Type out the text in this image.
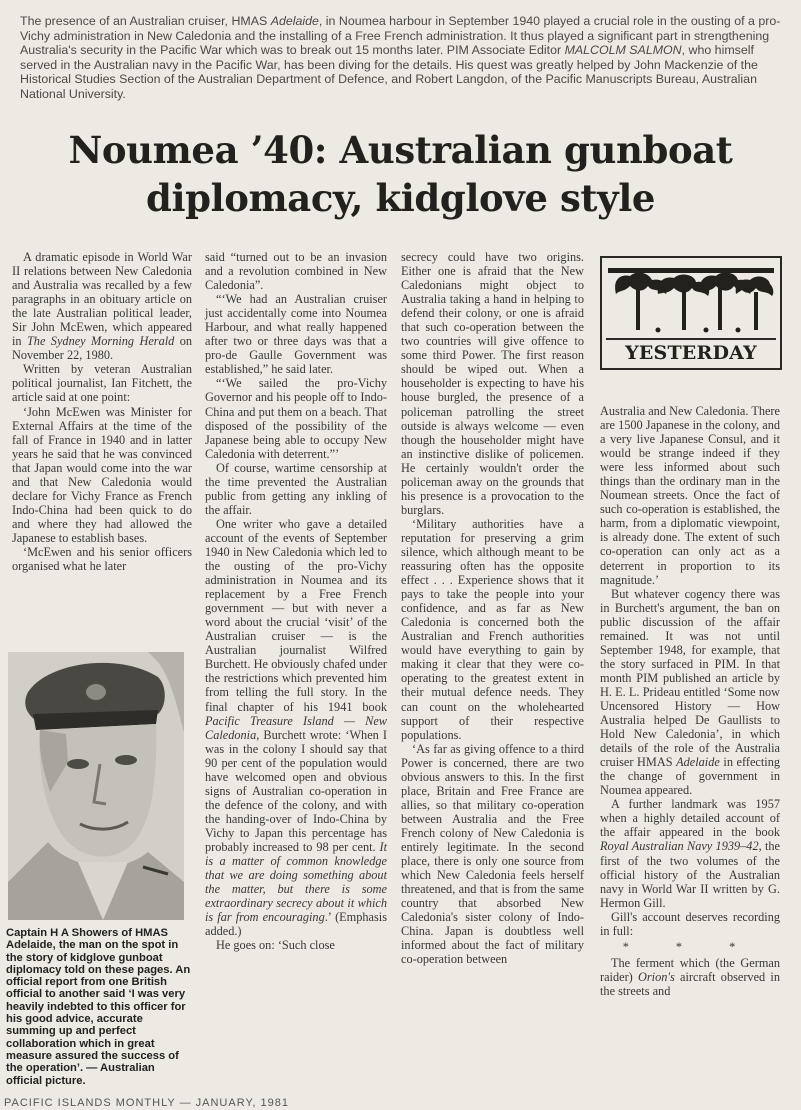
The presence of an Australian cruiser, HMAS Adelaide, in Noumea harbour in September 1940 played a crucial role in the ousting of a pro-Vichy administration in New Caledonia and the installing of a Free French administration. It thus played a significant part in strengthening Australia's security in the Pacific War which was to break out 15 months later. PIM Associate Editor MALCOLM SALMON, who himself served in the Australian navy in the Pacific War, has been diving for the details. His quest was greatly helped by John Mackenzie of the Historical Studies Section of the Australian Department of Defence, and Robert Langdon, of the Pacific Manuscripts Bureau, Australian National University.

Noumea ’40: Australian gunboat
diplomacy, kidglove style

A dramatic episode in World War II relations between New Caledonia and Australia was recalled by a few paragraphs in an obituary article on the late Australian political leader, Sir John McEwen, which appeared in The Sydney Morning Herald on November 22, 1980.

Written by veteran Australian political journalist, Ian Fitchett, the article said at one point:

‘John McEwen was Minister for External Affairs at the time of the fall of France in 1940 and in latter years he said that he was convinced that Japan would come into the war and that New Caledonia would declare for Vichy France as French Indo-China had been quick to do and where they had allowed the Japanese to establish bases.

‘McEwen and his senior officers organised what he later

Captain H A Showers of HMAS Adelaide, the man on the spot in the story of kidglove gunboat diplomacy told on these pages. An official report from one British official to another said ‘I was very heavily indebted to this officer for his good advice, accurate summing up and perfect collaboration which in great measure assured the success of the operation’. — Australian official picture.

said “turned out to be an invasion and a revolution combined in New Caledonia”.

“‘We had an Australian cruiser just accidentally come into Noumea Harbour, and what really happened after two or three days was that a pro-de Gaulle Government was established,” he said later.

“‘We sailed the pro-Vichy Governor and his people off to Indo-China and put them on a beach. That disposed of the possibility of the Japanese being able to occupy New Caledonia with deterrent.”’

Of course, wartime censorship at the time prevented the Australian public from getting any inkling of the affair.

One writer who gave a detailed account of the events of September 1940 in New Caledonia which led to the ousting of the pro-Vichy administration in Noumea and its replacement by a Free French government — but with never a word about the crucial ‘visit’ of the Australian cruiser — is the Australian journalist Wilfred Burchett. He obviously chafed under the restrictions which prevented him from telling the full story. In the final chapter of his 1941 book Pacific Treasure Island — New Caledonia, Burchett wrote: ‘When I was in the colony I should say that 90 per cent of the population would have welcomed open and obvious signs of Australian co-operation in the defence of the colony, and with the handing-over of Indo-China by Vichy to Japan this percentage has probably increased to 98 per cent. It is a matter of common knowledge that we are doing something about the matter, but there is some extraordinary secrecy about it which is far from encouraging.’ (Emphasis added.)

He goes on: ‘Such close

secrecy could have two origins. Either one is afraid that the New Caledonians might object to Australia taking a hand in helping to defend their colony, or one is afraid that such co-operation between the two countries will give offence to some third Power. The first reason should be wiped out. When a householder is expecting to have his house burgled, the presence of a policeman patrolling the street outside is always welcome — even though the householder might have an instinctive dislike of policemen. He certainly wouldn't order the policeman away on the grounds that his presence is a provocation to the burglars.

‘Military authorities have a reputation for preserving a grim silence, which although meant to be reassuring often has the opposite effect . . . Experience shows that it pays to take the people into your confidence, and as far as New Caledonia is concerned both the Australian and French authorities would have everything to gain by making it clear that they were co-operating to the greatest extent in their mutual defence needs. They can count on the wholehearted support of their respective populations.

‘As far as giving offence to a third Power is concerned, there are two obvious answers to this. In the first place, Britain and Free France are allies, so that military co-operation between Australia and the Free French colony of New Caledonia is entirely legitimate. In the second place, there is only one source from which New Caledonia feels herself threatened, and that is from the same country that absorbed New Caledonia's sister colony of Indo-China. Japan is doubtless well informed about the fact of military co-operation between

YESTERDAY

Australia and New Caledonia. There are 1500 Japanese in the colony, and a very live Japanese Consul, and it would be strange indeed if they were less informed about such things than the ordinary man in the Noumean streets. Once the fact of such co-operation is established, the harm, from a diplomatic viewpoint, is already done. The extent of such co-operation can only act as a deterrent in proportion to its magnitude.’

But whatever cogency there was in Burchett's argument, the ban on public discussion of the affair remained. It was not until September 1948, for example, that the story surfaced in PIM. In that month PIM published an article by H. E. L. Prideau entitled ‘Some now Uncensored History — How Australia helped De Gaullists to Hold New Caledonia’, in which details of the role of the Australia cruiser HMAS Adelaide in effecting the change of government in Noumea appeared.

A further landmark was 1957 when a highly detailed account of the affair appeared in the book Royal Australian Navy 1939–42, the first of the two volumes of the official history of the Australian navy in World War II written by G. Hermon Gill.

Gill's account deserves recording in full:

* * *

The ferment which (the German raider) Orion's aircraft observed in the streets and

PACIFIC ISLANDS MONTHLY — JANUARY, 1981
